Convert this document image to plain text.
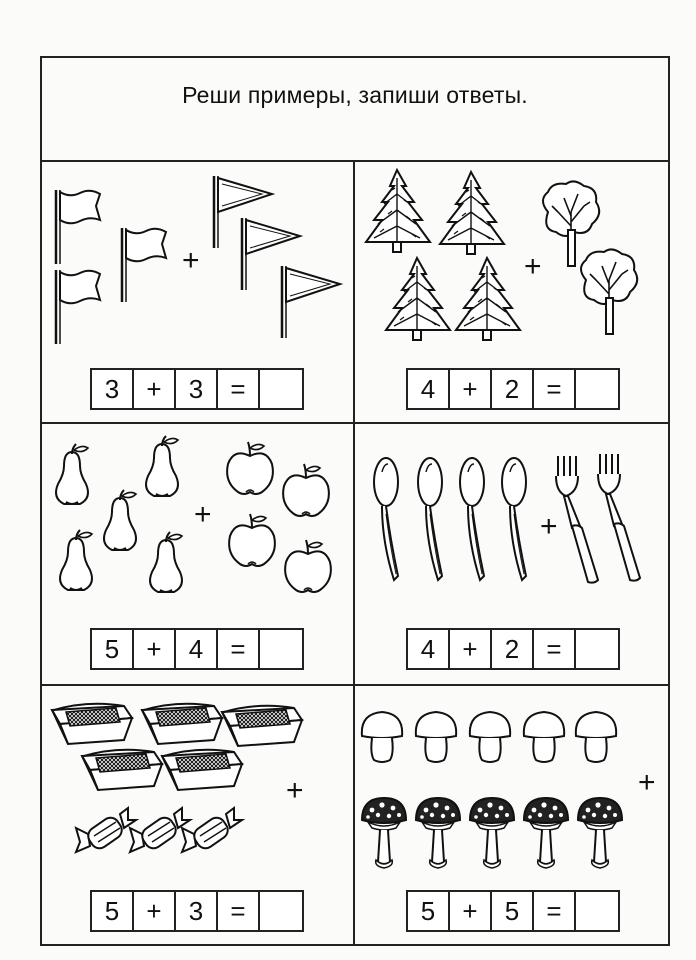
Реши примеры, запиши ответы.
+	+
+	+
+	+
3	+	3	=	4	+	2	=
5	+	4	=	4	+	2	=
5	+	3	=	5	+	5	=
